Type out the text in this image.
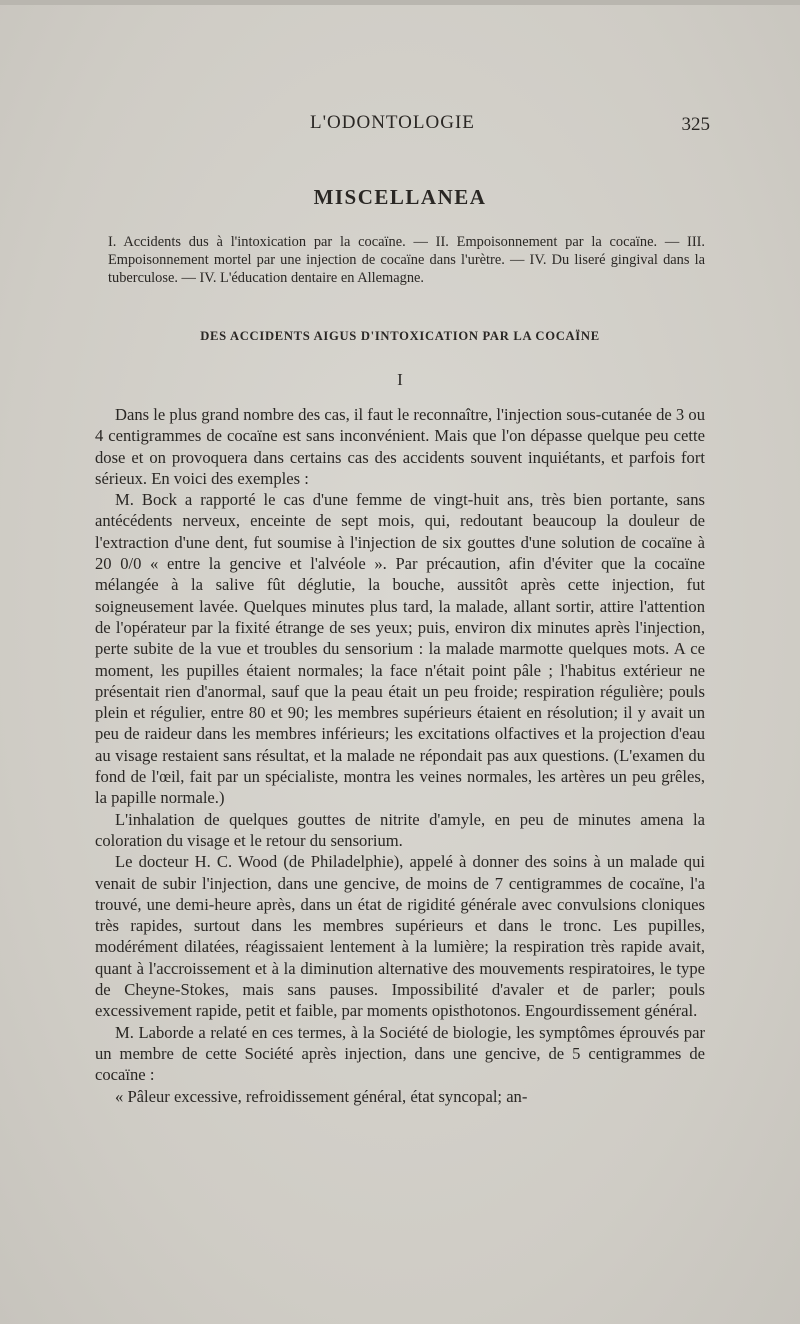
L'ODONTOLOGIE	325
MISCELLANEA
I. Accidents dus à l'intoxication par la cocaïne. — II. Empoisonnement par la cocaïne. — III. Empoisonnement mortel par une injection de cocaïne dans l'urètre. — IV. Du liseré gingival dans la tuberculose. — IV. L'éducation dentaire en Allemagne.
DES ACCIDENTS AIGUS D'INTOXICATION PAR LA COCAÏNE
I

Dans le plus grand nombre des cas, il faut le reconnaître, l'injection sous-cutanée de 3 ou 4 centigrammes de cocaïne est sans inconvénient. Mais que l'on dépasse quelque peu cette dose et on provoquera dans certains cas des accidents souvent inquiétants, et parfois fort sérieux. En voici des exemples :

M. Bock a rapporté le cas d'une femme de vingt-huit ans, très bien portante, sans antécédents nerveux, enceinte de sept mois, qui, redoutant beaucoup la douleur de l'extraction d'une dent, fut soumise à l'injection de six gouttes d'une solution de cocaïne à 20 0/0 « entre la gencive et l'alvéole ». Par précaution, afin d'éviter que la cocaïne mélangée à la salive fût déglutie, la bouche, aussitôt après cette injection, fut soigneusement lavée. Quelques minutes plus tard, la malade, allant sortir, attire l'attention de l'opérateur par la fixité étrange de ses yeux; puis, environ dix minutes après l'injection, perte subite de la vue et troubles du sensorium : la malade marmotte quelques mots. A ce moment, les pupilles étaient normales; la face n'était point pâle ; l'habitus extérieur ne présentait rien d'anormal, sauf que la peau était un peu froide; respiration régulière; pouls plein et régulier, entre 80 et 90; les membres supérieurs étaient en résolution; il y avait un peu de raideur dans les membres inférieurs; les excitations olfactives et la projection d'eau au visage restaient sans résultat, et la malade ne répondait pas aux questions. (L'examen du fond de l'œil, fait par un spécialiste, montra les veines normales, les artères un peu grêles, la papille normale.)

L'inhalation de quelques gouttes de nitrite d'amyle, en peu de minutes amena la coloration du visage et le retour du sensorium.

Le docteur H. C. Wood (de Philadelphie), appelé à donner des soins à un malade qui venait de subir l'injection, dans une gencive, de moins de 7 centigrammes de cocaïne, l'a trouvé, une demi-heure après, dans un état de rigidité générale avec convulsions cloniques très rapides, surtout dans les membres supérieurs et dans le tronc. Les pupilles, modérément dilatées, réagissaient lentement à la lumière; la respiration très rapide avait, quant à l'accroissement et à la diminution alternative des mouvements respiratoires, le type de Cheyne-Stokes, mais sans pauses. Impossibilité d'avaler et de parler; pouls excessivement rapide, petit et faible, par moments opisthotonos. Engourdissement général.

M. Laborde a relaté en ces termes, à la Société de biologie, les symptômes éprouvés par un membre de cette Société après injection, dans une gencive, de 5 centigrammes de cocaïne :

« Pâleur excessive, refroidissement général, état syncopal; an-
